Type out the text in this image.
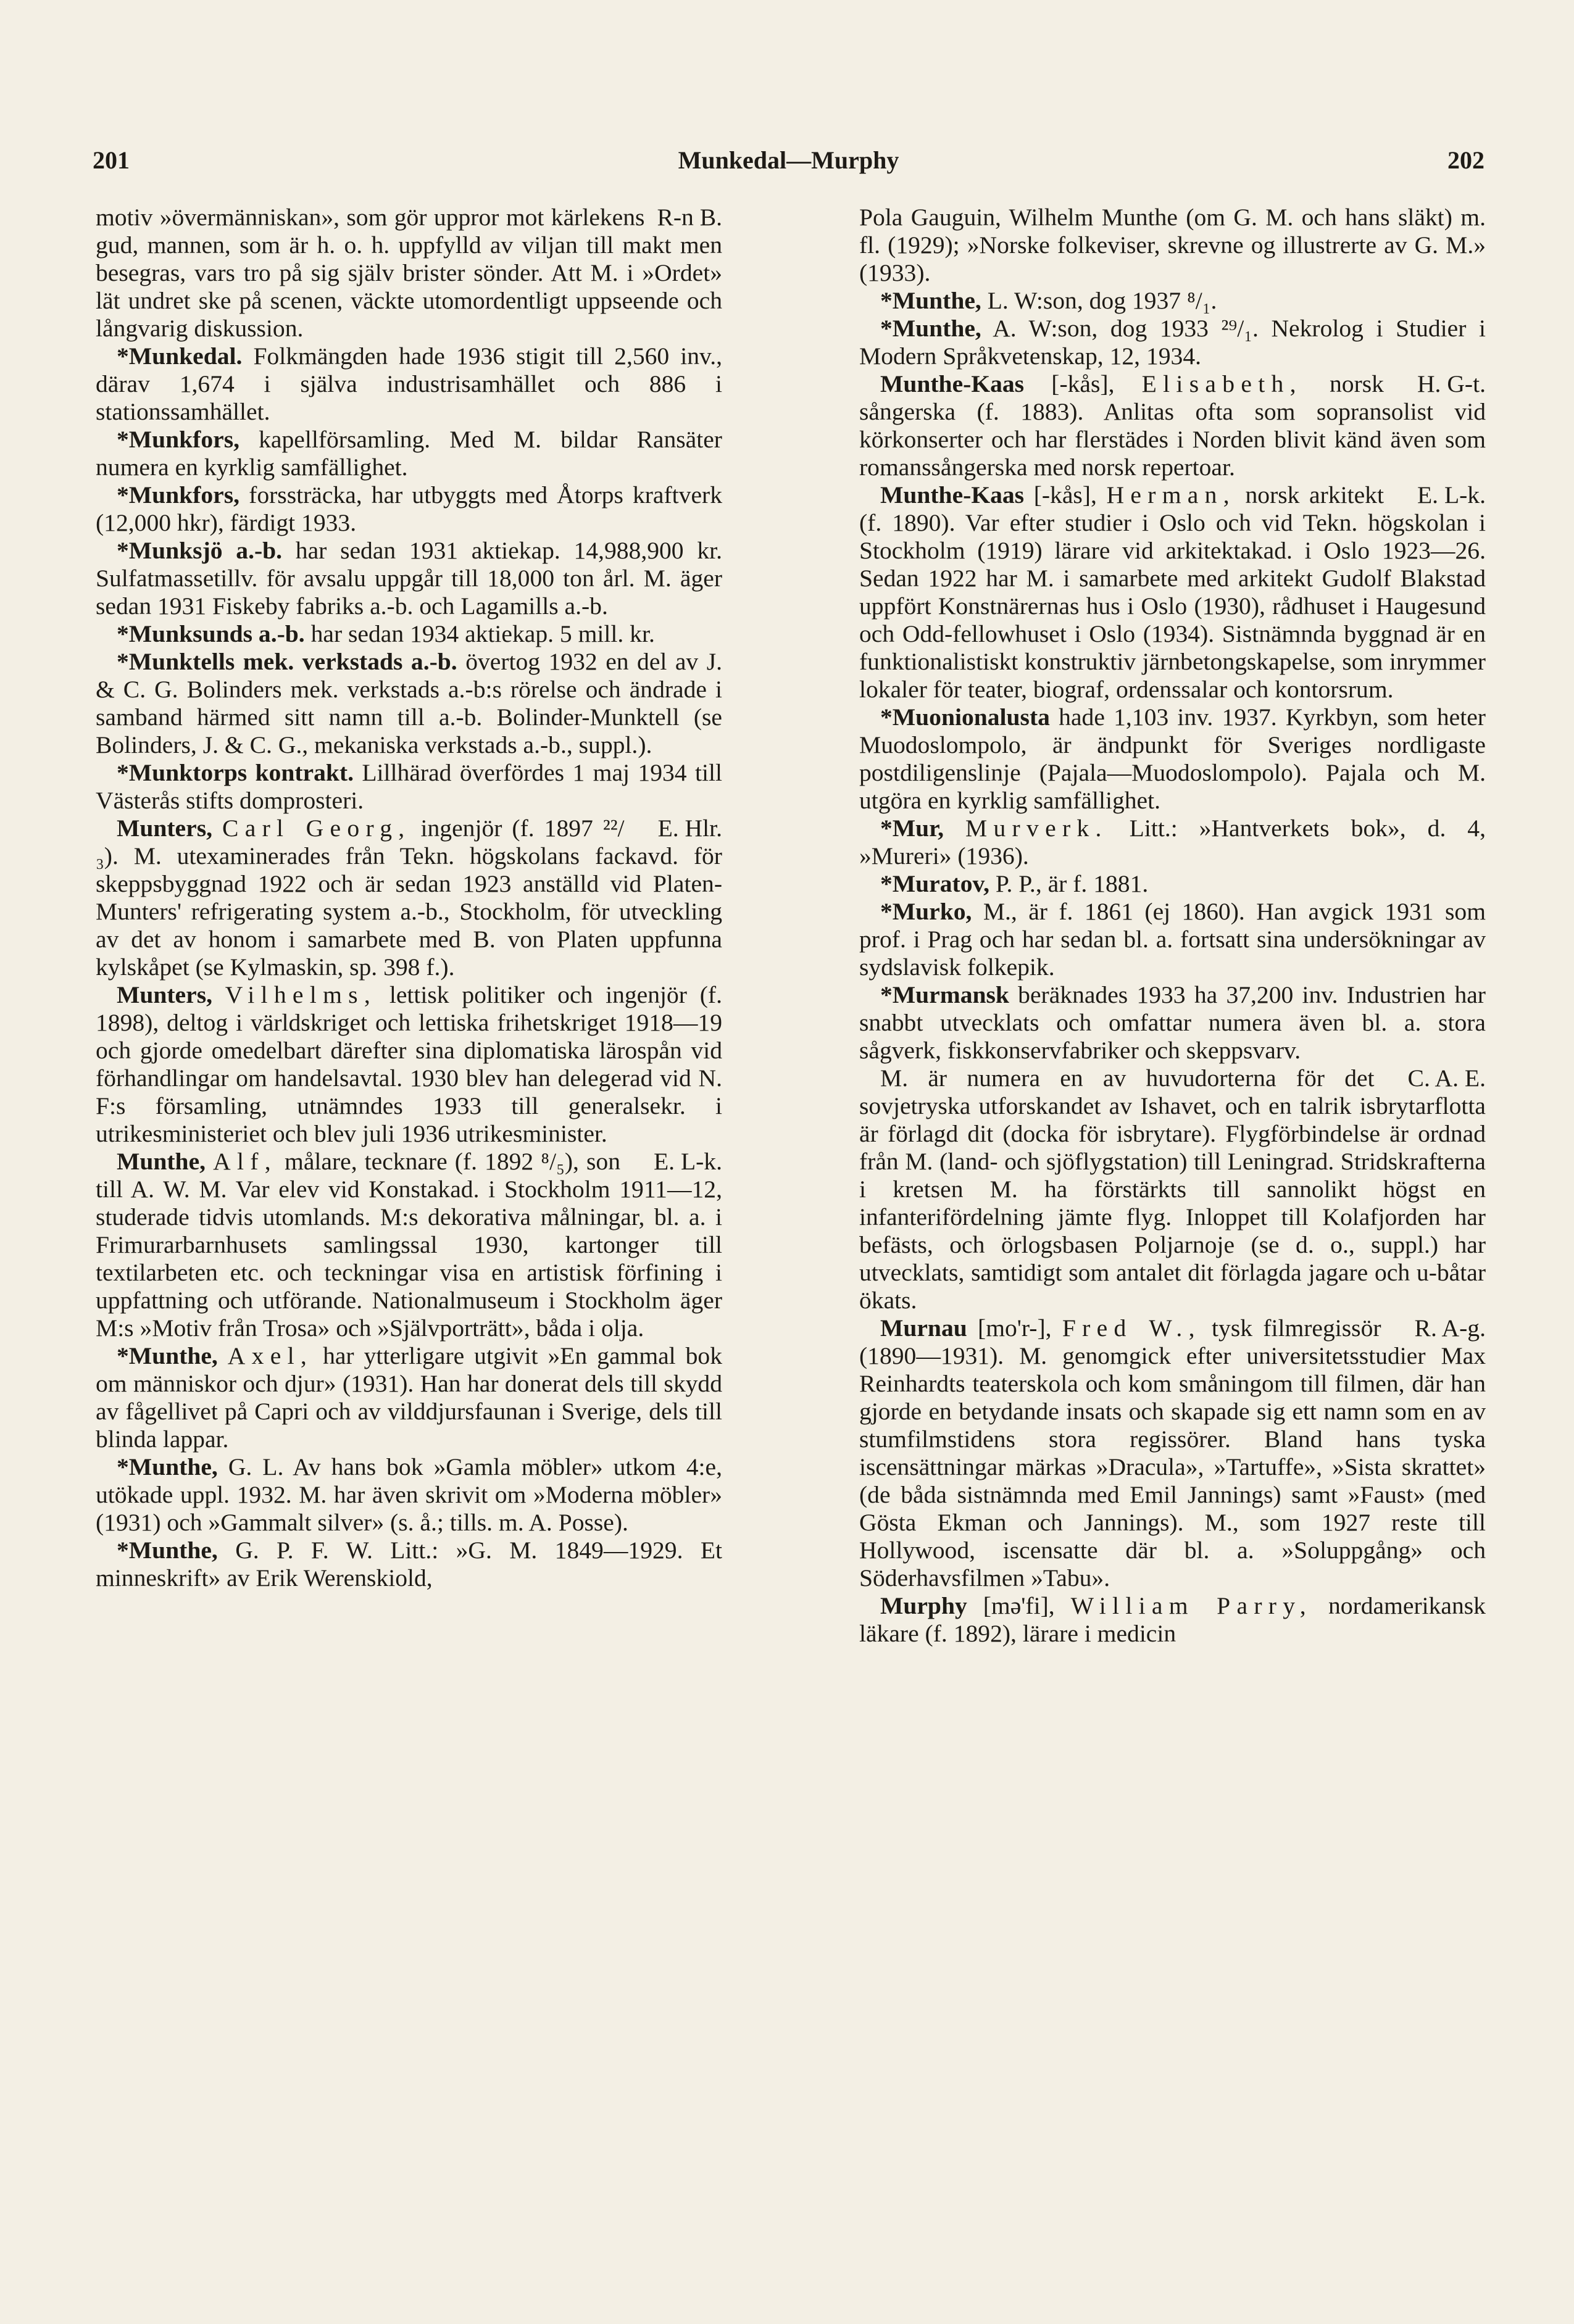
201	Munkedal—Murphy	202

R-n B.
motiv »övermänniskan», som gör uppror mot kärlekens gud, mannen, som är h. o. h. uppfylld av viljan till makt men besegras, vars tro på sig själv brister sönder. Att M. i »Ordet» lät undret ske på scenen, väckte utomordentligt uppseende och långvarig diskussion.

*Munkedal. Folkmängden hade 1936 stigit till 2,560 inv., därav 1,674 i själva industrisamhället och 886 i stationssamhället.

*Munkfors, kapellförsamling. Med M. bildar Ransäter numera en kyrklig samfällighet.

*Munkfors, forssträcka, har utbyggts med Åtorps kraftverk (12,000 hkr), färdigt 1933.

*Munksjö a.-b. har sedan 1931 aktiekap. 14,988,900 kr. Sulfatmassetillv. för avsalu uppgår till 18,000 ton årl. M. äger sedan 1931 Fiskeby fabriks a.-b. och Lagamills a.-b.

*Munksunds a.-b. har sedan 1934 aktiekap. 5 mill. kr.

*Munktells mek. verkstads a.-b. övertog 1932 en del av J. & C. G. Bolinders mek. verkstads a.-b:s rörelse och ändrade i samband härmed sitt namn till a.-b. Bolinder-Munktell (se Bolinders, J. & C. G., mekaniska verkstads a.-b., suppl.).

*Munktorps kontrakt. Lillhärad överfördes 1 maj 1934 till Västerås stifts domprosteri.

E. Hlr.
Munters, Carl Georg, ingenjör (f. 1897 ²²/₃). M. utexaminerades från Tekn. högskolans fackavd. för skeppsbyggnad 1922 och är sedan 1923 anställd vid Platen-Munters' refrigerating system a.-b., Stockholm, för utveckling av det av honom i samarbete med B. von Platen uppfunna kylskåpet (se Kylmaskin, sp. 398 f.).

Munters, Vilhelms, lettisk politiker och ingenjör (f. 1898), deltog i världskriget och lettiska frihetskriget 1918—19 och gjorde omedelbart därefter sina diplomatiska lärospån vid förhandlingar om handelsavtal. 1930 blev han delegerad vid N. F:s församling, utnämndes 1933 till generalsekr. i utrikesministeriet och blev juli 1936 utrikesminister.

E. L-k.
Munthe, Alf, målare, tecknare (f. 1892 ⁸/₅), son till A. W. M. Var elev vid Konstakad. i Stockholm 1911—12, studerade tidvis utomlands. M:s dekorativa målningar, bl. a. i Frimurarbarnhusets samlingssal 1930, kartonger till textilarbeten etc. och teckningar visa en artistisk förfining i uppfattning och utförande. Nationalmuseum i Stockholm äger M:s »Motiv från Trosa» och »Självporträtt», båda i olja.

*Munthe, Axel, har ytterligare utgivit »En gammal bok om människor och djur» (1931). Han har donerat dels till skydd av fågellivet på Capri och av vilddjursfaunan i Sverige, dels till blinda lappar.

*Munthe, G. L. Av hans bok »Gamla möbler» utkom 4:e, utökade uppl. 1932. M. har även skrivit om »Moderna möbler» (1931) och »Gammalt silver» (s. å.; tills. m. A. Posse).

*Munthe, G. P. F. W. Litt.: »G. M. 1849—1929. Et minneskrift» av Erik Werenskiold,

Pola Gauguin, Wilhelm Munthe (om G. M. och hans släkt) m. fl. (1929); »Norske folkeviser, skrevne og illustrerte av G. M.» (1933).

*Munthe, L. W:son, dog 1937 ⁸/₁.

*Munthe, A. W:son, dog 1933 ²⁹/₁. Nekrolog i Studier i Modern Språkvetenskap, 12, 1934.

H. G-t.
Munthe-Kaas [-kås], Elisabeth, norsk sångerska (f. 1883). Anlitas ofta som sopransolist vid körkonserter och har flerstädes i Norden blivit känd även som romanssångerska med norsk repertoar.

E. L-k.
Munthe-Kaas [-kås], Herman, norsk arkitekt (f. 1890). Var efter studier i Oslo och vid Tekn. högskolan i Stockholm (1919) lärare vid arkitektakad. i Oslo 1923—26. Sedan 1922 har M. i samarbete med arkitekt Gudolf Blakstad uppfört Konstnärernas hus i Oslo (1930), rådhuset i Haugesund och Odd-fellowhuset i Oslo (1934). Sistnämnda byggnad är en funktionalistiskt konstruktiv järnbetongskapelse, som inrymmer lokaler för teater, biograf, ordenssalar och kontorsrum.

*Muonionalusta hade 1,103 inv. 1937. Kyrkbyn, som heter Muodoslompolo, är ändpunkt för Sveriges nordligaste postdiligenslinje (Pajala—Muodoslompolo). Pajala och M. utgöra en kyrklig samfällighet.

*Mur, Murverk. Litt.: »Hantverkets bok», d. 4, »Mureri» (1936).

*Muratov, P. P., är f. 1881.

*Murko, M., är f. 1861 (ej 1860). Han avgick 1931 som prof. i Prag och har sedan bl. a. fortsatt sina undersökningar av sydslavisk folkepik.

*Murmansk beräknades 1933 ha 37,200 inv. Industrien har snabbt utvecklats och omfattar numera även bl. a. stora sågverk, fiskkonservfabriker och skeppsvarv.

C. A. E.
M. är numera en av huvudorterna för det sovjetryska utforskandet av Ishavet, och en talrik isbrytarflotta är förlagd dit (docka för isbrytare). Flygförbindelse är ordnad från M. (land- och sjöflygstation) till Leningrad. Stridskrafterna i kretsen M. ha förstärkts till sannolikt högst en infanterifördelning jämte flyg. Inloppet till Kolafjorden har befästs, och örlogsbasen Poljarnoje (se d. o., suppl.) har utvecklats, samtidigt som antalet dit förlagda jagare och u-båtar ökats.

R. A-g.
Murnau [mo'r-], Fred W., tysk filmregissör (1890—1931). M. genomgick efter universitetsstudier Max Reinhardts teaterskola och kom småningom till filmen, där han gjorde en betydande insats och skapade sig ett namn som en av stumfilmstidens stora regissörer. Bland hans tyska iscensättningar märkas »Dracula», »Tartuffe», »Sista skrattet» (de båda sistnämnda med Emil Jannings) samt »Faust» (med Gösta Ekman och Jannings). M., som 1927 reste till Hollywood, iscensatte där bl. a. »Soluppgång» och Söderhavsfilmen »Tabu».

Murphy [mə'fi], William Parry, nordamerikansk läkare (f. 1892), lärare i medicin
